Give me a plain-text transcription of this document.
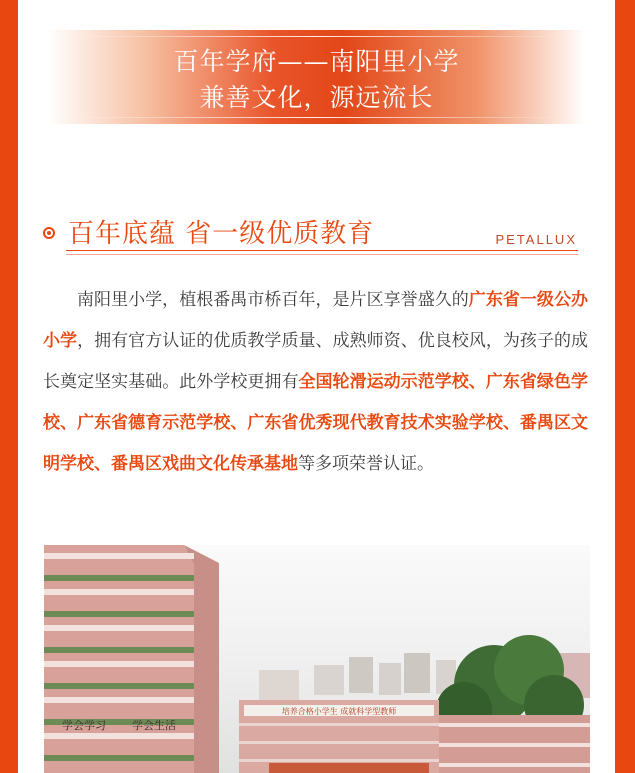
百年学府——南阳里小学
兼善文化，源远流长
百年底蕴 省一级优质教育	PETALLUX
南阳里小学，植根番禺市桥百年，是片区享誉盛久的广东省一级公办小学，拥有官方认证的优质教学质量、成熟师资、优良校风，为孩子的成长奠定坚实基础。此外学校更拥有全国轮滑运动示范学校、广东省绿色学校、广东省德育示范学校、广东省优秀现代教育技术实验学校、番禺区文明学校、番禺区戏曲文化传承基地等多项荣誉认证。
培养合格小学生 成就科学型教师
学会学习 学会生活
